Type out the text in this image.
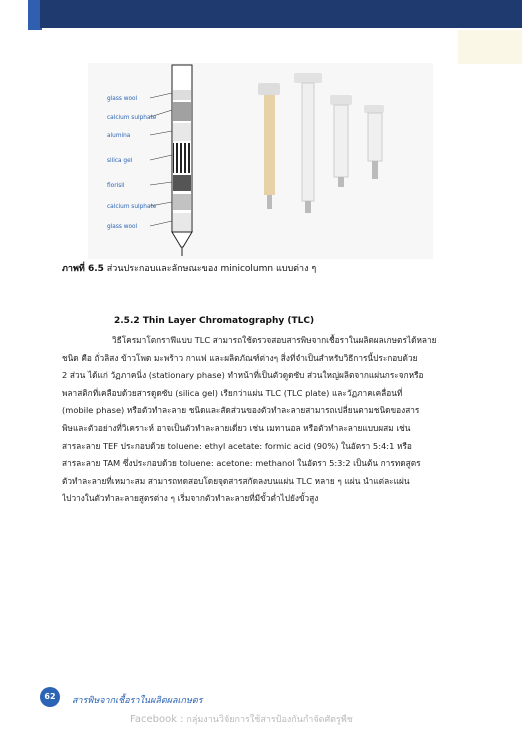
glass wool
calcium sulphate
alumina
silica gel
florisil
calcium sulphate
glass wool
ภาพที่ 6.5 ส่วนประกอบและลักษณะของ minicolumn แบบต่าง ๆ
2.5.2 Thin Layer Chromatography (TLC)
วิธีโครมาโตกราฟีแบบ TLC สามารถใช้ตรวจสอบสารพิษจากเชื้อราในผลิตผลเกษตรได้หลาย
ชนิด คือ ถั่วลิสง ข้าวโพด มะพร้าว กาแฟ และผลิตภัณฑ์ต่างๆ สิ่งที่จำเป็นสำหรับวิธีการนี้ประกอบด้วย
2 ส่วน ได้แก่ วัฏภาคนิ่ง (stationary phase) ทำหน้าที่เป็นตัวดูดซับ ส่วนใหญ่ผลิตจากแผ่นกระจกหรือ
พลาสติกที่เคลือบด้วยสารดูดซับ (silica gel) เรียกว่าแผ่น TLC (TLC plate) และวัฏภาคเคลื่อนที่
(mobile phase) หรือตัวทำละลาย ชนิดและสัดส่วนของตัวทำละลายสามารถเปลี่ยนตามชนิดของสาร
พิษและตัวอย่างที่วิเคราะห์ อาจเป็นตัวทำละลายเดี่ยว เช่น เมทานอล หรือตัวทำละลายแบบผสม เช่น
สารละลาย TEF ประกอบด้วย toluene: ethyl acetate: formic acid (90%) ในอัตรา 5:4:1 หรือ
สารละลาย TAM ซึ่งประกอบด้วย toluene: acetone: methanol ในอัตรา 5:3:2 เป็นต้น การทดสูตร
ตัวทำละลายที่เหมาะสม สามารถทดสอบโดยจุดสารสกัดลงบนแผ่น TLC หลาย ๆ แผ่น นำแต่ละแผ่น
ไปวางในตัวทำละลายสูตรต่าง ๆ เริ่มจากตัวทำละลายที่มีขั้วต่ำไปยังขั้วสูง
62	สารพิษจากเชื้อราในผลิตผลเกษตร
Facebook : กลุ่มงานวิจัยการใช้สารป้องกันกำจัดศัตรูพืช
